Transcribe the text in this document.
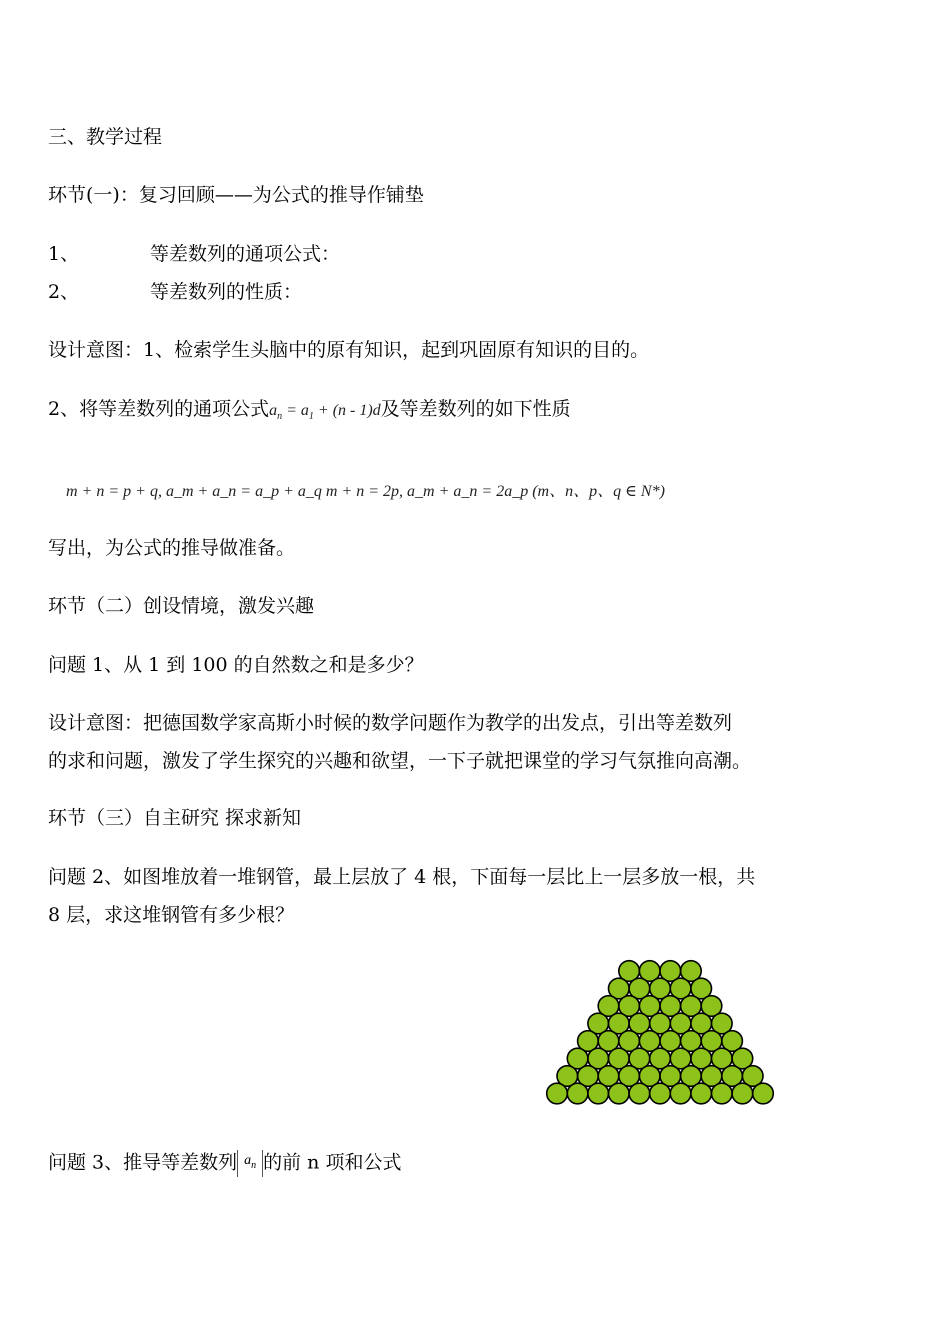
三、教学过程
环节(一)：复习回顾——为公式的推导作铺垫
1、	等差数列的通项公式：
2、	等差数列的性质：
设计意图：1、检索学生头脑中的原有知识，起到巩固原有知识的目的。
2、将等差数列的通项公式$a_n = a_1 + (n - 1)d$及等差数列的如下性质
m + n = p + q, a_m + a_n = a_p + a_q m + n = 2p, a_m + a_n = 2a_p (m、n、p、q ∈ N*)
写出，为公式的推导做准备。
环节（二）创设情境，激发兴趣
问题 1、从 1 到 100 的自然数之和是多少？
设计意图：把德国数学家高斯小时候的数学问题作为教学的出发点，引出等差数列
的求和问题，激发了学生探究的兴趣和欲望，一下子就把课堂的学习气氛推向高潮。
环节（三）自主研究 探求新知
问题 2、如图堆放着一堆钢管，最上层放了 4 根，下面每一层比上一层多放一根，共
8 层，求这堆钢管有多少根？
问题 3、推导等差数列 $a_n$ 的前 n 项和公式
